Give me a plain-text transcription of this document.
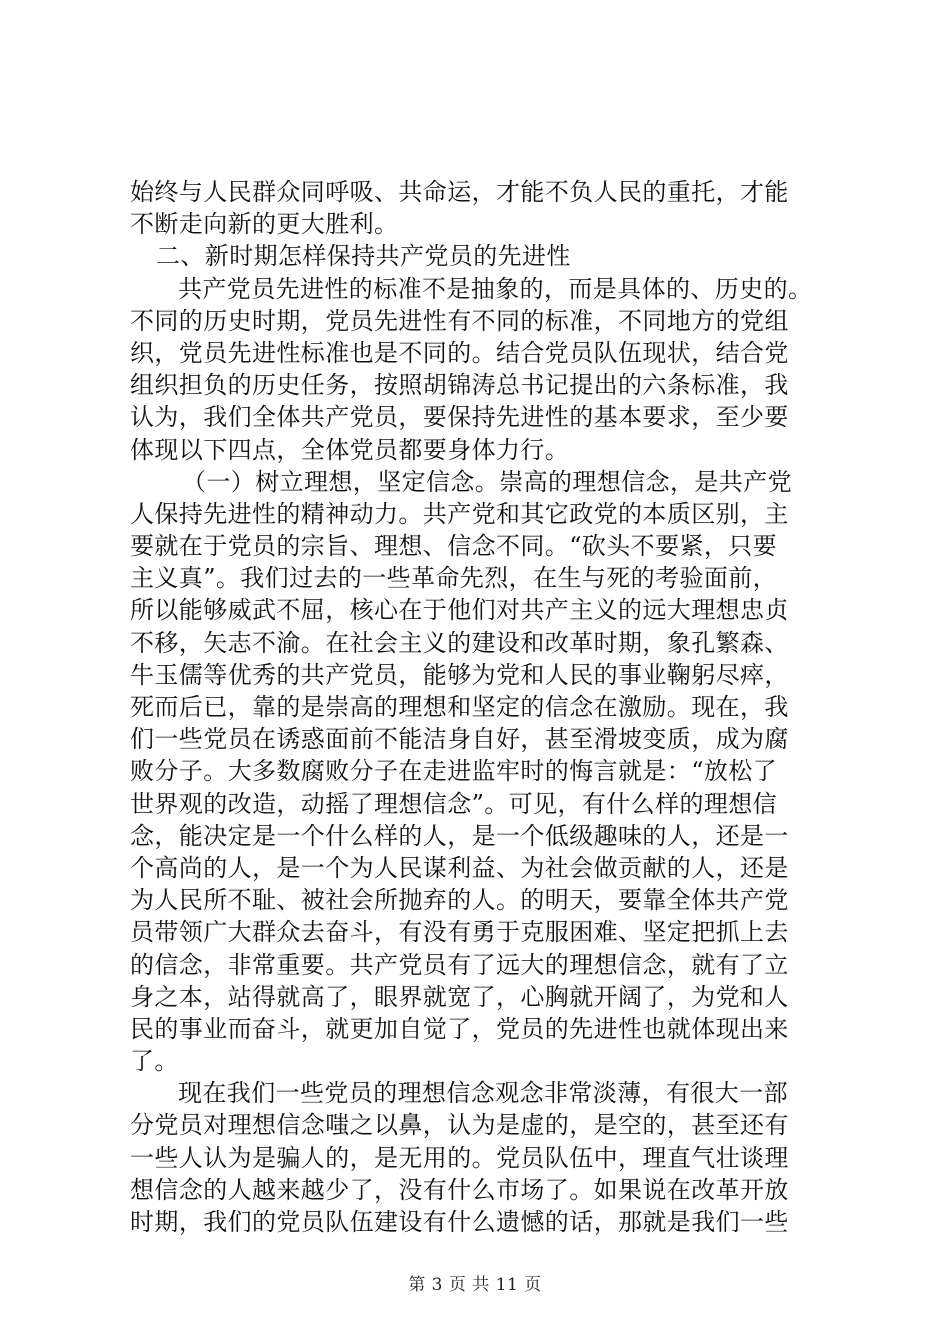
始终与人民群众同呼吸、共命运，才能不负人民的重托，才能
不断走向新的更大胜利。
二、新时期怎样保持共产党员的先进性
共产党员先进性的标准不是抽象的，而是具体的、历史的。
不同的历史时期，党员先进性有不同的标准，不同地方的党组
织，党员先进性标准也是不同的。结合党员队伍现状，结合党
组织担负的历史任务，按照胡锦涛总书记提出的六条标准，我
认为，我们全体共产党员，要保持先进性的基本要求，至少要
体现以下四点，全体党员都要身体力行。
（一）树立理想，坚定信念。崇高的理想信念，是共产党
人保持先进性的精神动力。共产党和其它政党的本质区别，主
要就在于党员的宗旨、理想、信念不同。“砍头不要紧，只要
主义真”。我们过去的一些革命先烈，在生与死的考验面前，
所以能够威武不屈，核心在于他们对共产主义的远大理想忠贞
不移，矢志不渝。在社会主义的建设和改革时期，象孔繁森、
牛玉儒等优秀的共产党员，能够为党和人民的事业鞠躬尽瘁，
死而后已，靠的是崇高的理想和坚定的信念在激励。现在，我
们一些党员在诱惑面前不能洁身自好，甚至滑坡变质，成为腐
败分子。大多数腐败分子在走进监牢时的悔言就是：“放松了
世界观的改造，动摇了理想信念”。可见，有什么样的理想信
念，能决定是一个什么样的人，是一个低级趣味的人，还是一
个高尚的人，是一个为人民谋利益、为社会做贡献的人，还是
为人民所不耻、被社会所抛弃的人。的明天，要靠全体共产党
员带领广大群众去奋斗，有没有勇于克服困难、坚定把抓上去
的信念，非常重要。共产党员有了远大的理想信念，就有了立
身之本，站得就高了，眼界就宽了，心胸就开阔了，为党和人
民的事业而奋斗，就更加自觉了，党员的先进性也就体现出来
了。
现在我们一些党员的理想信念观念非常淡薄，有很大一部
分党员对理想信念嗤之以鼻，认为是虚的，是空的，甚至还有
一些人认为是骗人的，是无用的。党员队伍中，理直气壮谈理
想信念的人越来越少了，没有什么市场了。如果说在改革开放
时期，我们的党员队伍建设有什么遗憾的话，那就是我们一些
第 3 页 共 11 页
